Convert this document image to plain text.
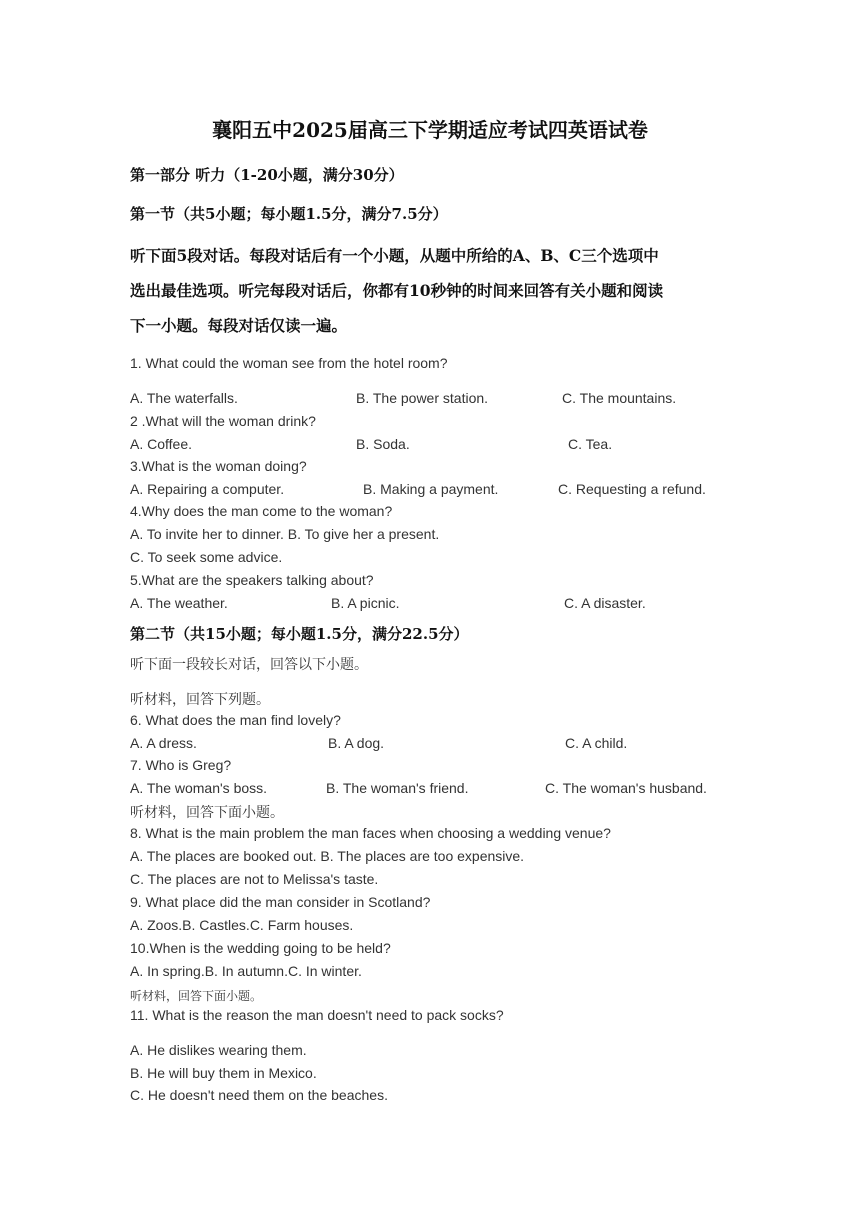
襄阳五中2025届高三下学期适应考试四英语试卷
第一部分 听力（1-20小题，满分30分）
第一节（共5小题；每小题1.5分，满分7.5分）
听下面5段对话。每段对话后有一个小题，从题中所给的A、B、C三个选项中
选出最佳选项。听完每段对话后，你都有10秒钟的时间来回答有关小题和阅读
下一小题。每段对话仅读一遍。
1. What could the woman see from the hotel room?
A. The waterfalls.	B. The power station.	C. The mountains.
2 .What will the woman drink?
A. Coffee.	B. Soda.	C. Tea.
3.What is the woman doing?
A. Repairing a computer.	B. Making a payment.	C. Requesting a refund.
4.Why does the man come to the woman?
A. To invite her to dinner. B. To give her a present.
C. To seek some advice.
5.What are the speakers talking about?
A. The weather.	B. A picnic.	C. A disaster.
第二节（共15小题；每小题1.5分，满分22.5分）
听下面一段较长对话，回答以下小题。
听材料，回答下列题。
6. What does the man find lovely?
A. A dress.	B. A dog.	C. A child.
7. Who is Greg?
A. The woman's boss.	B. The woman's friend.	C. The woman's husband.
听材料，回答下面小题。
8. What is the main problem the man faces when choosing a wedding venue?
A. The places are booked out. B. The places are too expensive.
C. The places are not to Melissa's taste.
9. What place did the man consider in Scotland?
A. Zoos.B. Castles.C. Farm houses.
10.When is the wedding going to be held?
A. In spring.B. In autumn.C. In winter.
听材料，回答下面小题。
11. What is the reason the man doesn't need to pack socks?
A. He dislikes wearing them.
B. He will buy them in Mexico.
C. He doesn't need them on the beaches.
